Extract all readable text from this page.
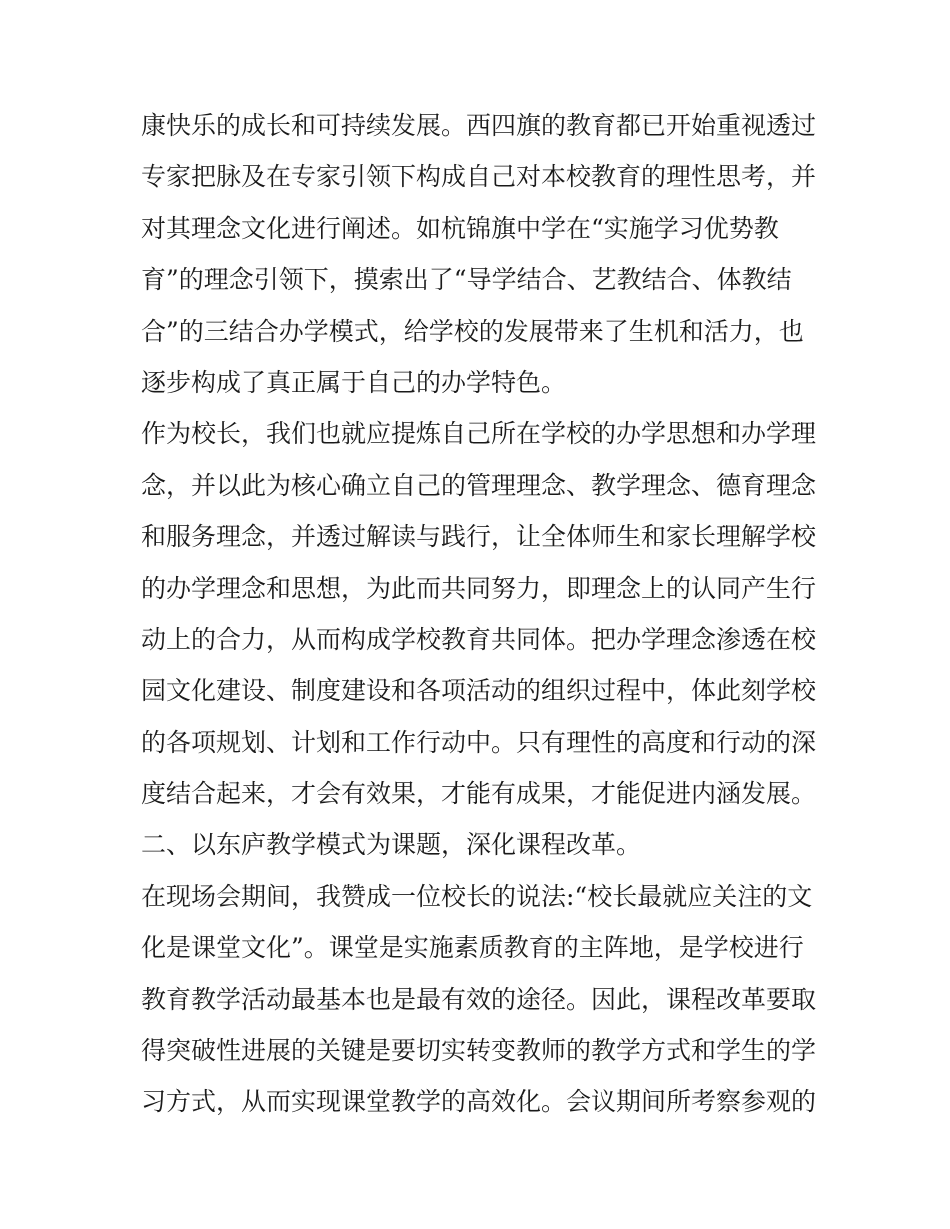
康快乐的成长和可持续发展。西四旗的教育都已开始重视透过
专家把脉及在专家引领下构成自己对本校教育的理性思考，并
对其理念文化进行阐述。如杭锦旗中学在“实施学习优势教
育”的理念引领下，摸索出了“导学结合、艺教结合、体教结
合”的三结合办学模式，给学校的发展带来了生机和活力，也
逐步构成了真正属于自己的办学特色。
作为校长，我们也就应提炼自己所在学校的办学思想和办学理
念，并以此为核心确立自己的管理理念、教学理念、德育理念
和服务理念，并透过解读与践行，让全体师生和家长理解学校
的办学理念和思想，为此而共同努力，即理念上的认同产生行
动上的合力，从而构成学校教育共同体。把办学理念渗透在校
园文化建设、制度建设和各项活动的组织过程中，体此刻学校
的各项规划、计划和工作行动中。只有理性的高度和行动的深
度结合起来，才会有效果，才能有成果，才能促进内涵发展。
二、以东庐教学模式为课题，深化课程改革。
在现场会期间，我赞成一位校长的说法:“校长最就应关注的文
化是课堂文化”。课堂是实施素质教育的主阵地，是学校进行
教育教学活动最基本也是最有效的途径。因此，课程改革要取
得突破性进展的关键是要切实转变教师的教学方式和学生的学
习方式，从而实现课堂教学的高效化。会议期间所考察参观的
